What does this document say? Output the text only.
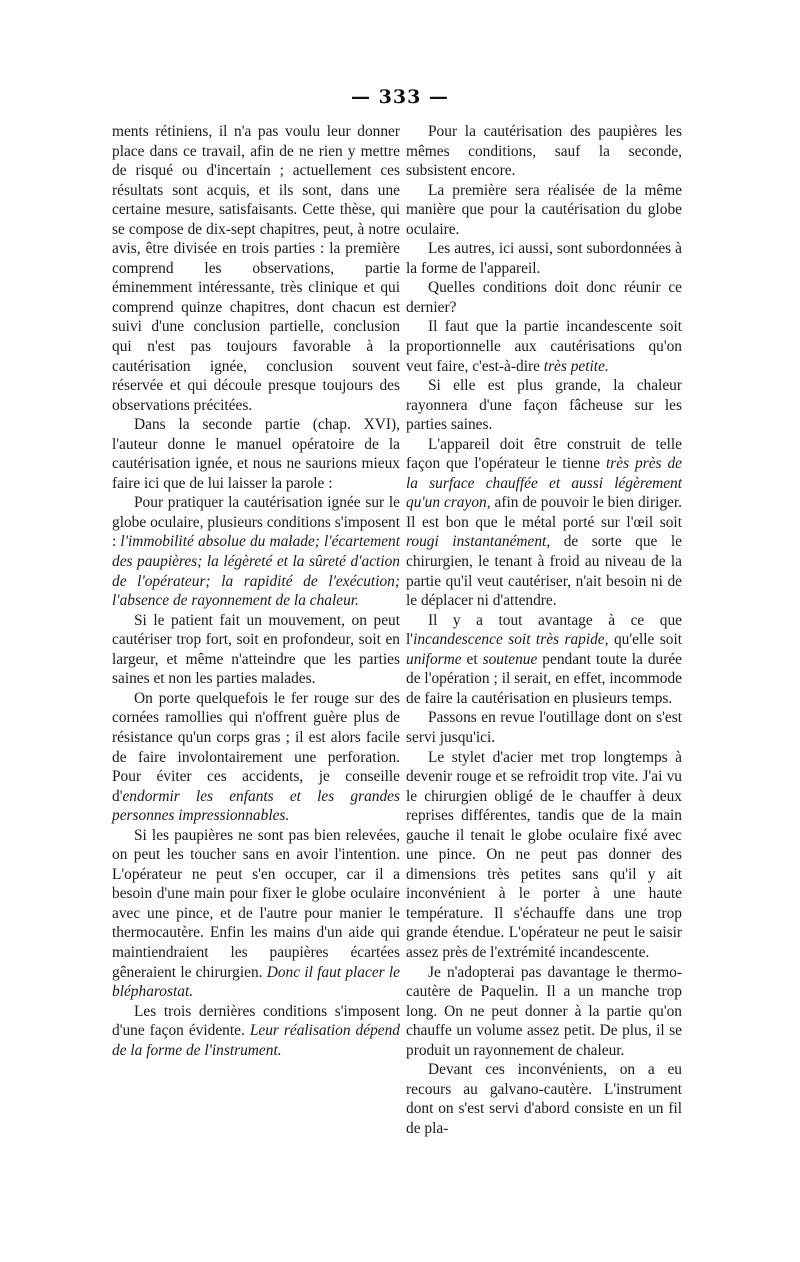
— 333 —

ments rétiniens, il n'a pas voulu leur donner place dans ce travail, afin de ne rien y mettre de risqué ou d'incertain ; actuellement ces résultats sont acquis, et ils sont, dans une certaine mesure, satisfaisants. Cette thèse, qui se compose de dix-sept chapitres, peut, à notre avis, être divisée en trois parties : la première comprend les observations, partie éminemment intéressante, très clinique et qui comprend quinze chapitres, dont chacun est suivi d'une conclusion partielle, conclusion qui n'est pas toujours favorable à la cautérisation ignée, conclusion souvent réservée et qui découle presque toujours des observations précitées.

Dans la seconde partie (chap. XVI), l'auteur donne le manuel opératoire de la cautérisation ignée, et nous ne saurions mieux faire ici que de lui laisser la parole :

Pour pratiquer la cautérisation ignée sur le globe oculaire, plusieurs conditions s'imposent : l'immobilité absolue du malade; l'écartement des paupières; la légèreté et la sûreté d'action de l'opérateur; la rapidité de l'exécution; l'absence de rayonnement de la chaleur.

Si le patient fait un mouvement, on peut cautériser trop fort, soit en profondeur, soit en largeur, et même n'atteindre que les parties saines et non les parties malades.

On porte quelquefois le fer rouge sur des cornées ramollies qui n'offrent guère plus de résistance qu'un corps gras ; il est alors facile de faire involontairement une perforation. Pour éviter ces accidents, je conseille d'endormir les enfants et les grandes personnes impressionnables.

Si les paupières ne sont pas bien relevées, on peut les toucher sans en avoir l'intention. L'opérateur ne peut s'en occuper, car il a besoin d'une main pour fixer le globe oculaire avec une pince, et de l'autre pour manier le thermocautère. Enfin les mains d'un aide qui maintiendraient les paupières écartées gêneraient le chirurgien. Donc il faut placer le blépharostat.

Les trois dernières conditions s'imposent d'une façon évidente. Leur réalisation dépend de la forme de l'instrument.

Pour la cautérisation des paupières les mêmes conditions, sauf la seconde, subsistent encore.

La première sera réalisée de la même manière que pour la cautérisation du globe oculaire.

Les autres, ici aussi, sont subordonnées à la forme de l'appareil.

Quelles conditions doit donc réunir ce dernier?

Il faut que la partie incandescente soit proportionnelle aux cautérisations qu'on veut faire, c'est-à-dire très petite.

Si elle est plus grande, la chaleur rayonnera d'une façon fâcheuse sur les parties saines.

L'appareil doit être construit de telle façon que l'opérateur le tienne très près de la surface chauffée et aussi légèrement qu'un crayon, afin de pouvoir le bien diriger. Il est bon que le métal porté sur l'œil soit rougi instantanément, de sorte que le chirurgien, le tenant à froid au niveau de la partie qu'il veut cautériser, n'ait besoin ni de le déplacer ni d'attendre.

Il y a tout avantage à ce que l'incandescence soit très rapide, qu'elle soit uniforme et soutenue pendant toute la durée de l'opération ; il serait, en effet, incommode de faire la cautérisation en plusieurs temps.

Passons en revue l'outillage dont on s'est servi jusqu'ici.

Le stylet d'acier met trop longtemps à devenir rouge et se refroidit trop vite. J'ai vu le chirurgien obligé de le chauffer à deux reprises différentes, tandis que de la main gauche il tenait le globe oculaire fixé avec une pince. On ne peut pas donner des dimensions très petites sans qu'il y ait inconvénient à le porter à une haute température. Il s'échauffe dans une trop grande étendue. L'opérateur ne peut le saisir assez près de l'extrémité incandescente.

Je n'adopterai pas davantage le thermo-cautère de Paquelin. Il a un manche trop long. On ne peut donner à la partie qu'on chauffe un volume assez petit. De plus, il se produit un rayonnement de chaleur.

Devant ces inconvénients, on a eu recours au galvano-cautère. L'instrument dont on s'est servi d'abord consiste en un fil de pla-
